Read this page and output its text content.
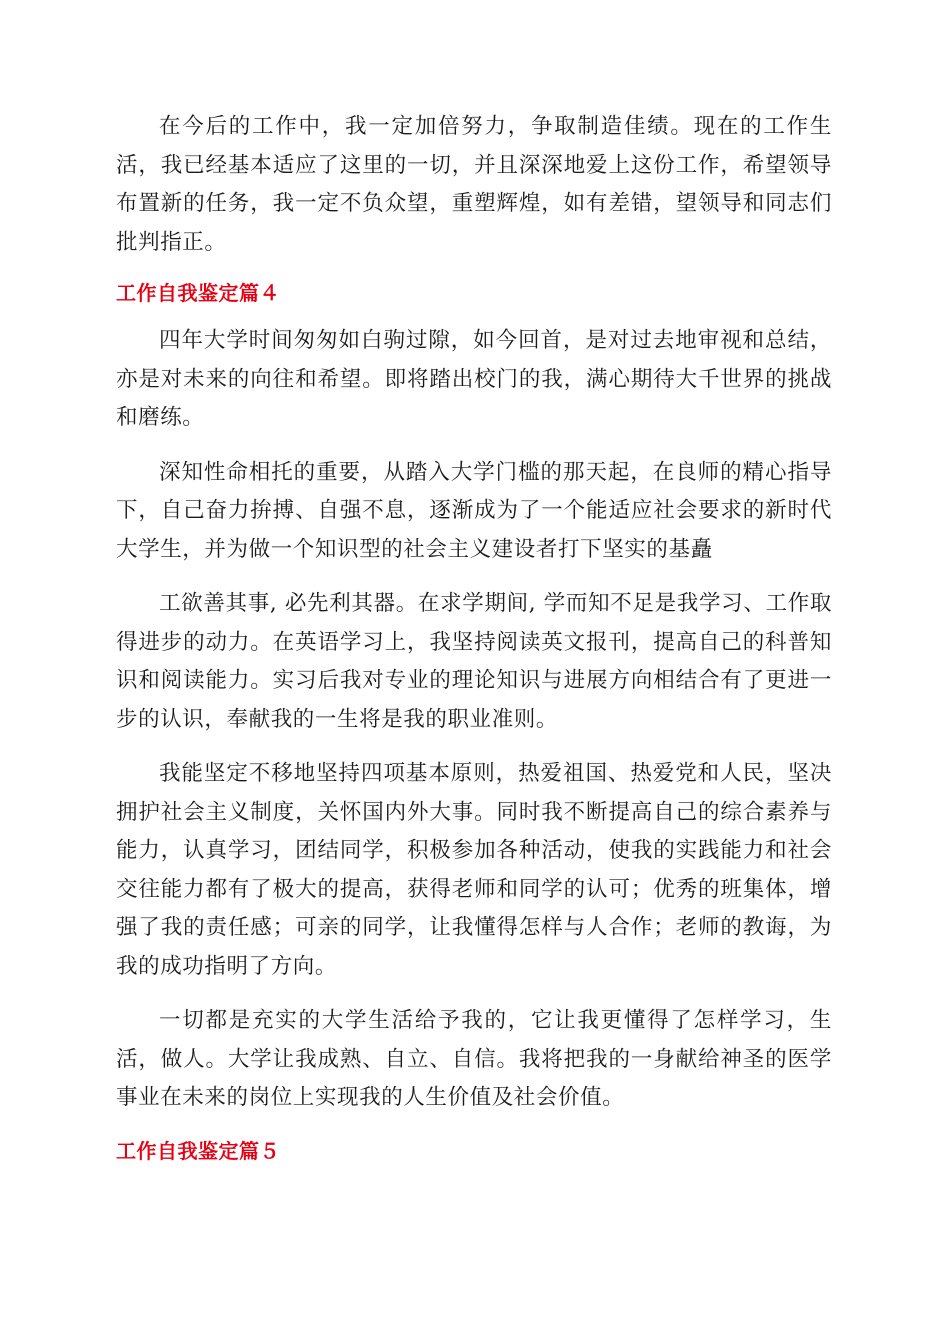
在今后的工作中，我一定加倍努力，争取制造佳绩。现在的工作生活，我已经基本适应了这里的一切，并且深深地爱上这份工作，希望领导布置新的任务，我一定不负众望，重塑辉煌，如有差错，望领导和同志们批判指正。

工作自我鉴定篇４

四年大学时间匆匆如白驹过隙，如今回首，是对过去地审视和总结，亦是对未来的向往和希望。即将踏出校门的我，满心期待大千世界的挑战和磨练。

深知性命相托的重要，从踏入大学门槛的那天起，在良师的精心指导下，自己奋力拚搏、自强不息，逐渐成为了一个能适应社会要求的新时代大学生，并为做一个知识型的社会主义建设者打下坚实的基矗

工欲善其事, 必先利其器。在求学期间, 学而知不足是我学习、工作取得进步的动力。在英语学习上，我坚持阅读英文报刊，提高自己的科普知识和阅读能力。实习后我对专业的理论知识与进展方向相结合有了更进一步的认识，奉献我的一生将是我的职业准则。

我能坚定不移地坚持四项基本原则，热爱祖国、热爱党和人民，坚决拥护社会主义制度，关怀国内外大事。同时我不断提高自己的综合素养与能力，认真学习，团结同学，积极参加各种活动，使我的实践能力和社会交往能力都有了极大的提高，获得老师和同学的认可；优秀的班集体，增强了我的责任感；可亲的同学，让我懂得怎样与人合作；老师的教诲，为我的成功指明了方向。

一切都是充实的大学生活给予我的，它让我更懂得了怎样学习，生活，做人。大学让我成熟、自立、自信。我将把我的一身献给神圣的医学事业在未来的岗位上实现我的人生价值及社会价值。

工作自我鉴定篇５
